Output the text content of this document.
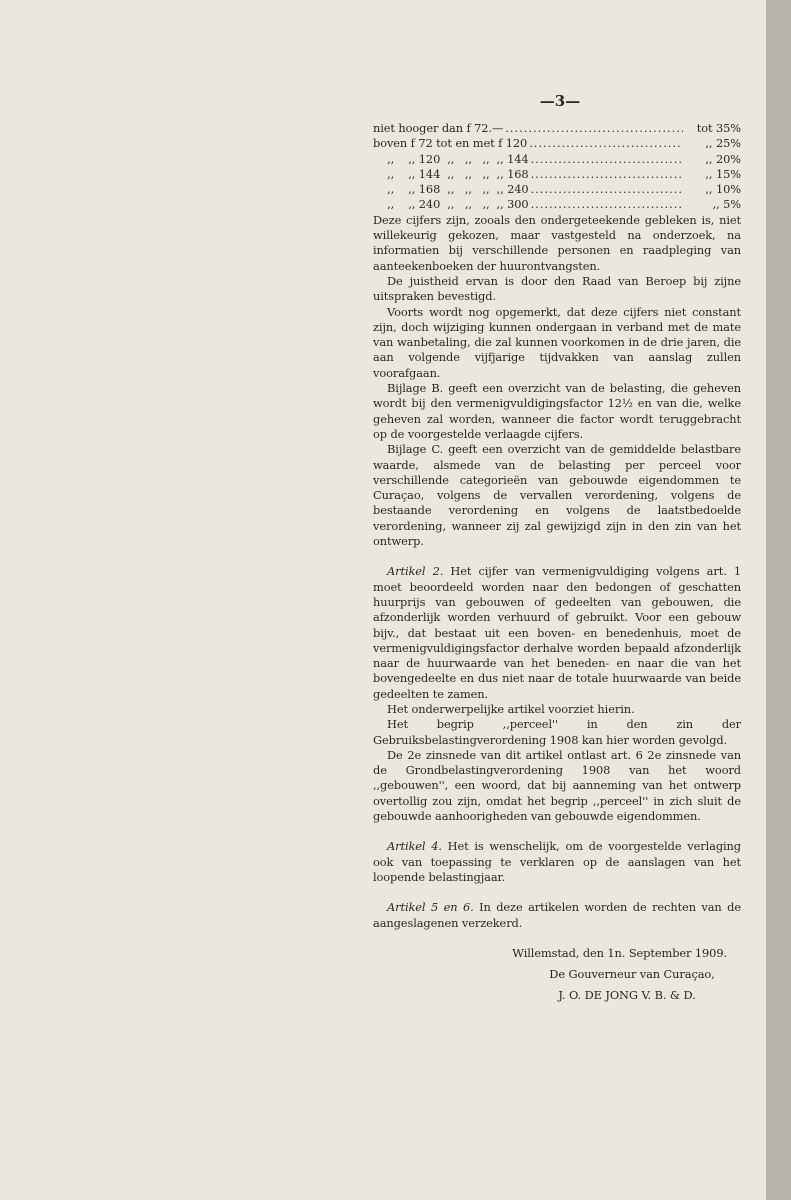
—3—
niet hooger dan f 72.— .....	tot 35%
boven f 72 tot en met f 120 .....	,, 25%
,,    ,, 120  ,,   ,,   ,,  ,, 144 .....	,, 20%
,,    ,, 144  ,,   ,,   ,,  ,, 168 .....	,, 15%
,,    ,, 168  ,,   ,,   ,,  ,, 240 .....	,, 10%
,,    ,, 240  ,,   ,,   ,,  ,, 300 .....	,, 5%

Deze cijfers zijn, zooals den ondergeteekende gebleken is, niet willekeurig gekozen, maar vastgesteld na onderzoek, na informatien bij verschillende personen en raadpleging van aanteekenboeken der huurontvangsten.

De juistheid ervan is door den Raad van Beroep bij zijne uitspraken bevestigd.

Voorts wordt nog opgemerkt, dat deze cijfers niet constant zijn, doch wijziging kunnen ondergaan in verband met de mate van wanbetaling, die zal kunnen voorkomen in de drie jaren, die aan volgende vijfjarige tijdvakken van aanslag zullen voorafgaan.

Bijlage B. geeft een overzicht van de belasting, die geheven wordt bij den vermenigvuldigingsfactor 12½ en van die, welke geheven zal worden, wanneer die factor wordt teruggebracht op de voorgestelde verlaagde cijfers.

Bijlage C. geeft een overzicht van de gemiddelde belastbare waarde, alsmede van de belasting per perceel voor verschillende categorieën van gebouwde eigendommen te Curaçao, volgens de vervallen verordening, volgens de bestaande verordening en volgens de laatstbedoelde verordening, wanneer zij zal gewijzigd zijn in den zin van het ontwerp.

Artikel 2. Het cijfer van vermenigvuldiging volgens art. 1 moet beoordeeld worden naar den bedongen of geschatten huurprijs van gebouwen of gedeelten van gebouwen, die afzonderlijk worden verhuurd of gebruikt. Voor een gebouw bijv., dat bestaat uit een boven- en benedenhuis, moet de vermenigvuldigingsfactor derhalve worden bepaald afzonderlijk naar de huurwaarde van het beneden- en naar die van het bovengedeelte en dus niet naar de totale huurwaarde van beide gedeelten te zamen.

Het onderwerpelijke artikel voorziet hierin.

Het begrip ,,perceel'' in den zin der Gebruiksbelastingverordening 1908 kan hier worden gevolgd.

De 2e zinsnede van dit artikel ontlast art. 6 2e zinsnede van de Grondbelastingverordening 1908 van het woord ,,gebouwen'', een woord, dat bij aanneming van het ontwerp overtollig zou zijn, omdat het begrip ,,perceel'' in zich sluit de gebouwde aanhoorigheden van gebouwde eigendommen.

Artikel 4. Het is wenschelijk, om de voorgestelde verlaging ook van toepassing te verklaren op de aanslagen van het loopende belastingjaar.

Artikel 5 en 6. In deze artikelen worden de rechten van de aangeslagenen verzekerd.

Willemstad, den 1n. September 1909.

De Gouverneur van Curaçao,

J. O. DE JONG V. B. & D.
